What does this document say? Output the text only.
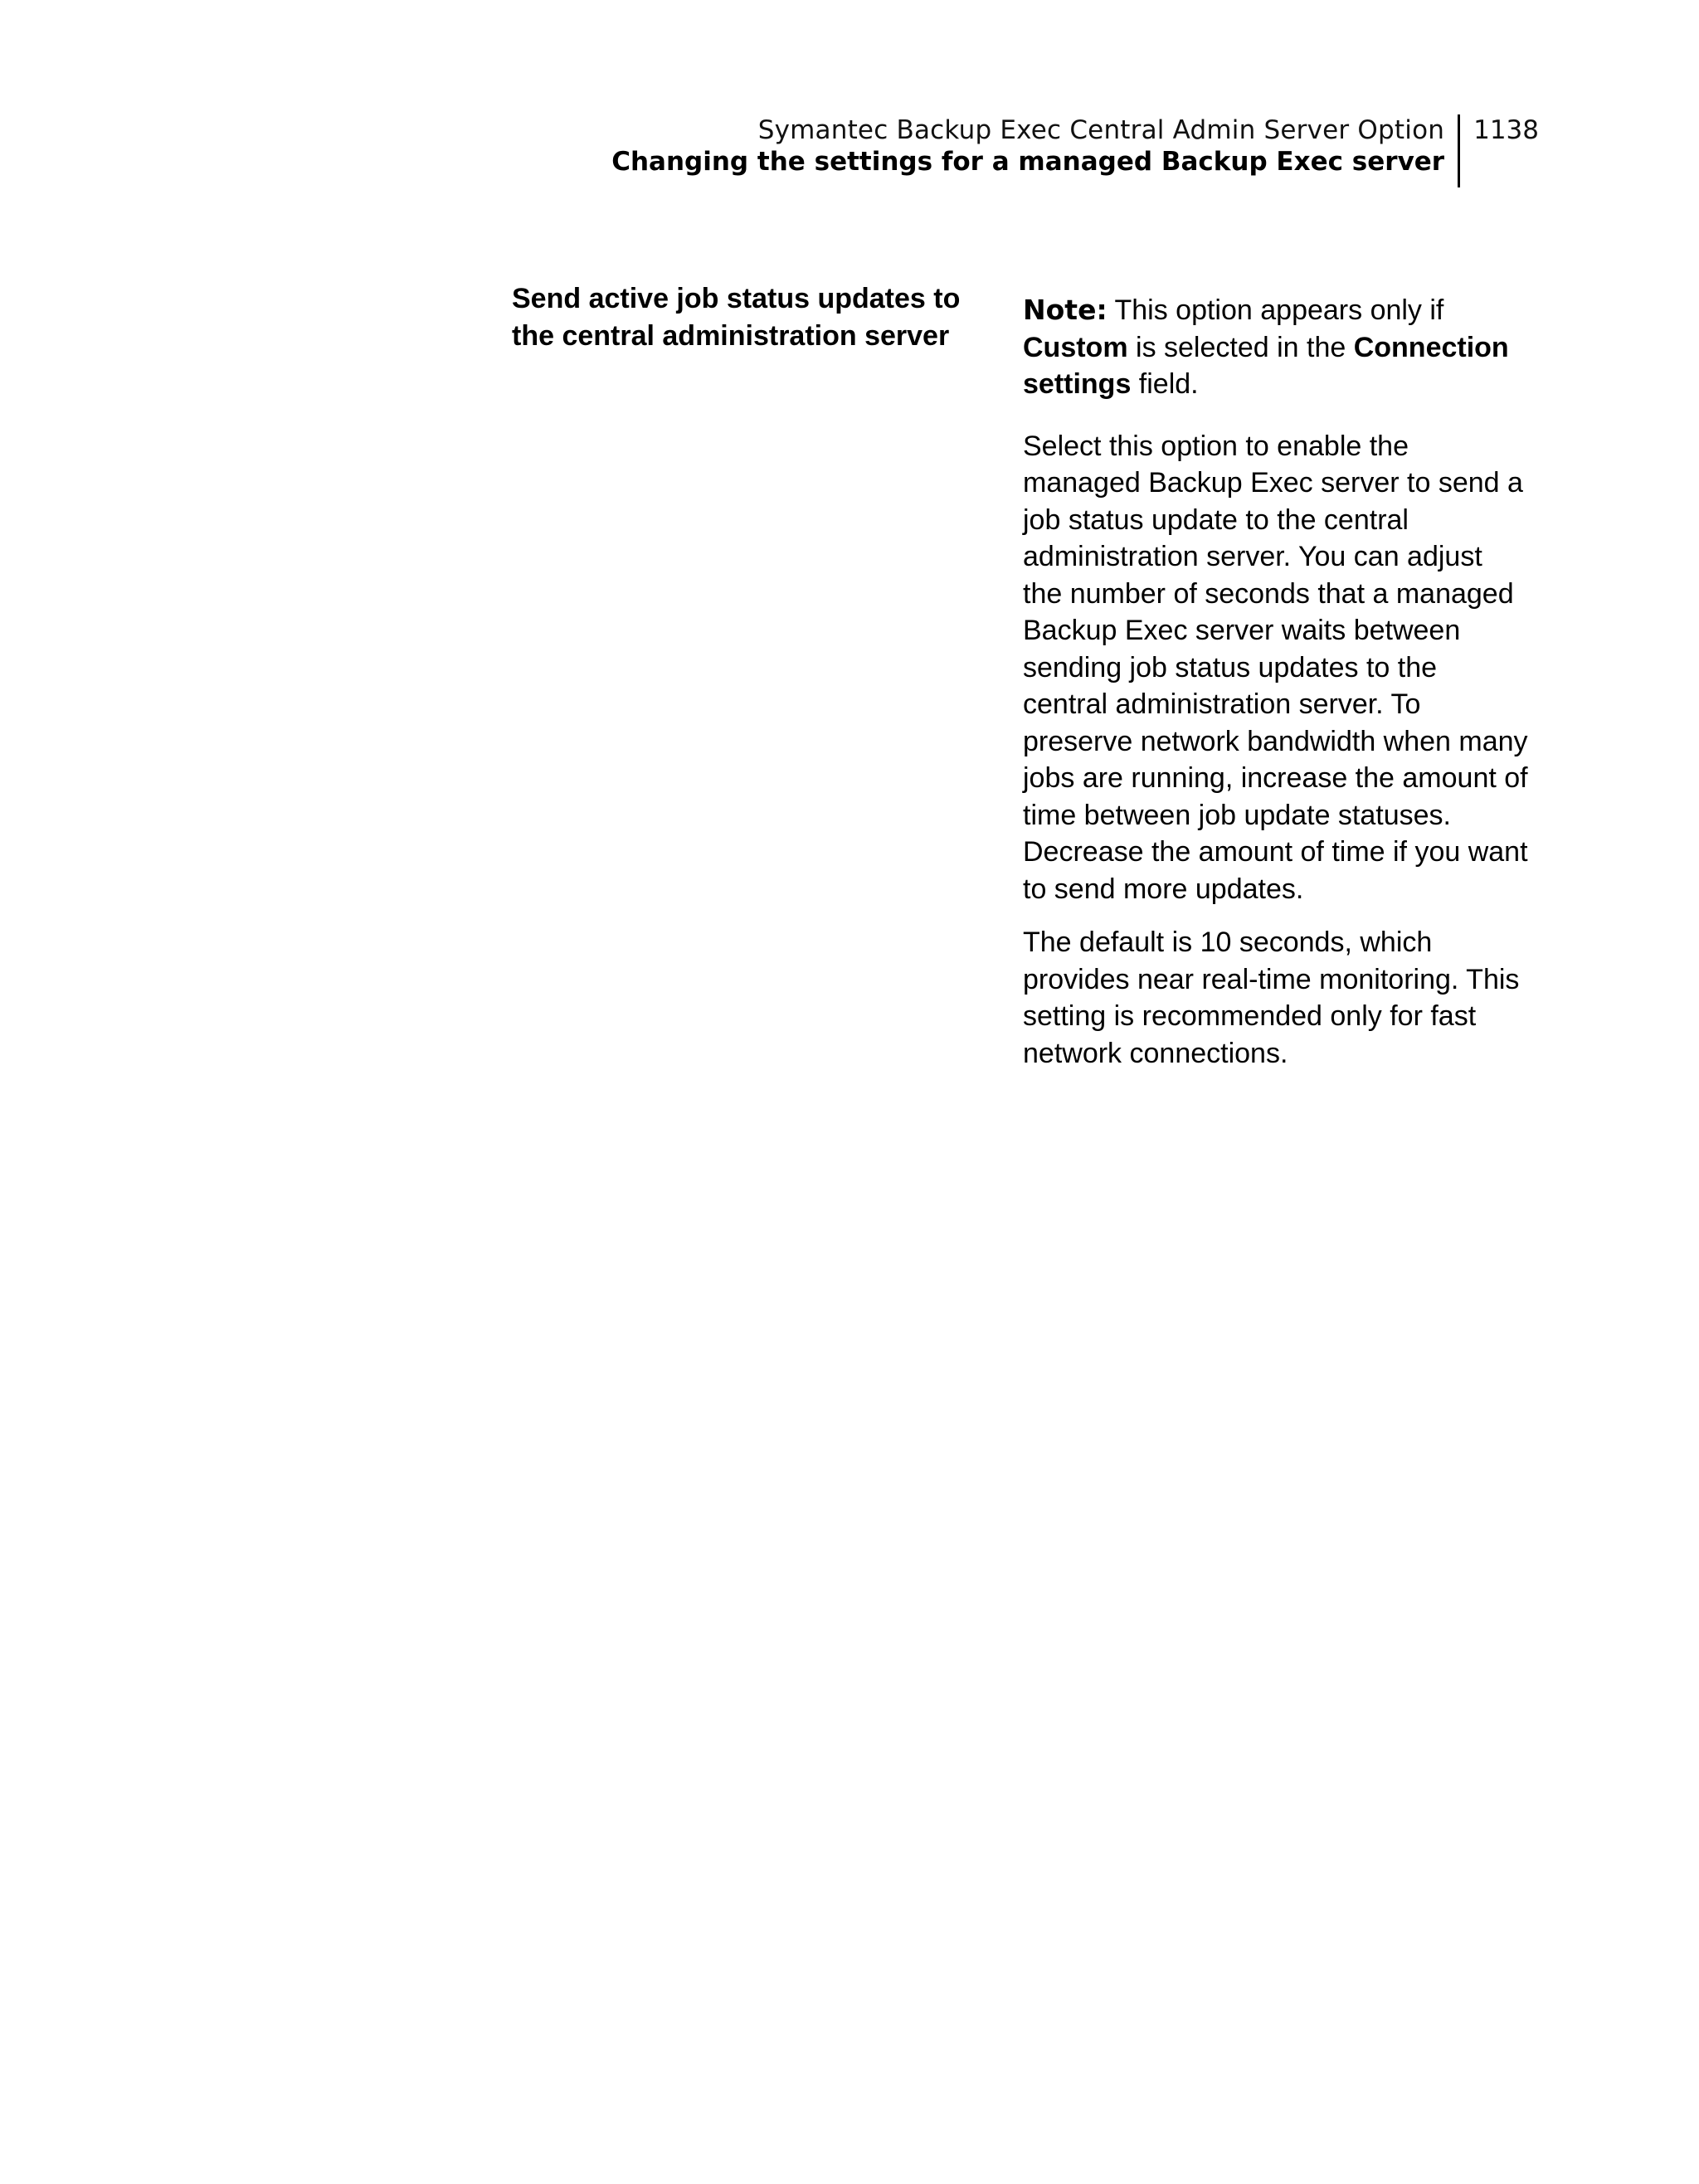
Symantec Backup Exec Central Admin Server Option
Changing the settings for a managed Backup Exec server
1138
Send active job status updates to the central administration server

Note: This option appears only if Custom is selected in the Connection settings field.

Select this option to enable the managed Backup Exec server to send a job status update to the central administration server. You can adjust the number of seconds that a managed Backup Exec server waits between sending job status updates to the central administration server. To preserve network bandwidth when many jobs are running, increase the amount of time between job update statuses. Decrease the amount of time if you want to send more updates.

The default is 10 seconds, which provides near real-time monitoring. This setting is recommended only for fast network connections.
